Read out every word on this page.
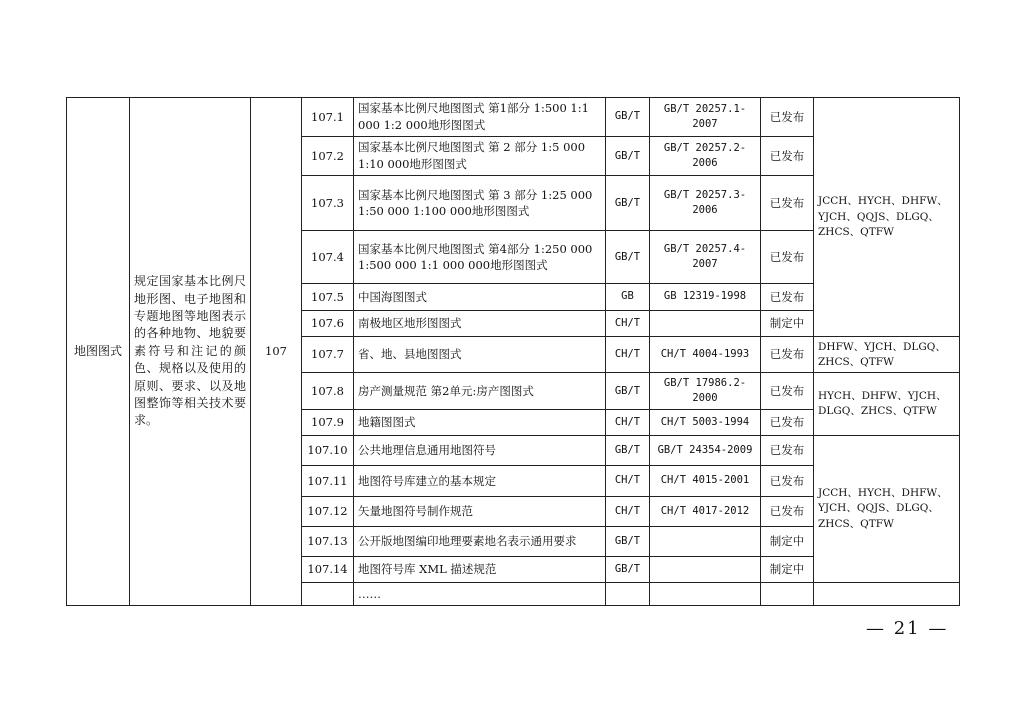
地图图式	规定国家基本比例尺地形图、电子地图和专题地图等地图表示的各种地物、地貌要素符号和注记的颜色、规格以及使用的原则、要求、以及地图整饰等相关技术要求。	107	107.1	国家基本比例尺地图图式 第1部分 1:500 1:1 000 1:2 000地形图图式	GB/T	GB/T 20257.1-2007	已发布	JCCH、HYCH、DHFW、YJCH、QQJS、DLGQ、ZHCS、QTFW
			107.2	国家基本比例尺地图图式 第 2 部分 1:5 000 1:10 000地形图图式	GB/T	GB/T 20257.2-2006	已发布	
			107.3	国家基本比例尺地图图式 第 3 部分 1:25 000 1:50 000 1:100 000地形图图式	GB/T	GB/T 20257.3-2006	已发布	
			107.4	国家基本比例尺地图图式 第4部分 1:250 000 1:500 000 1:1 000 000地形图图式	GB/T	GB/T 20257.4-2007	已发布	
			107.5	中国海图图式	GB	GB 12319-1998	已发布	
			107.6	南极地区地形图图式	CH/T		制定中	
			107.7	省、地、县地图图式	CH/T	CH/T 4004-1993	已发布	DHFW、YJCH、DLGQ、ZHCS、QTFW
			107.8	房产测量规范 第2单元:房产图图式	GB/T	GB/T 17986.2-2000	已发布	HYCH、DHFW、YJCH、DLGQ、ZHCS、QTFW
			107.9	地籍图图式	CH/T	CH/T 5003-1994	已发布	
			107.10	公共地理信息通用地图符号	GB/T	GB/T 24354-2009	已发布	JCCH、HYCH、DHFW、YJCH、QQJS、DLGQ、ZHCS、QTFW
			107.11	地图符号库建立的基本规定	CH/T	CH/T 4015-2001	已发布	
			107.12	矢量地图符号制作规范	CH/T	CH/T 4017-2012	已发布	
			107.13	公开版地图编印地理要素地名表示通用要求	GB/T		制定中	
			107.14	地图符号库 XML 描述规范	GB/T		制定中	
				……				
— 21 —
